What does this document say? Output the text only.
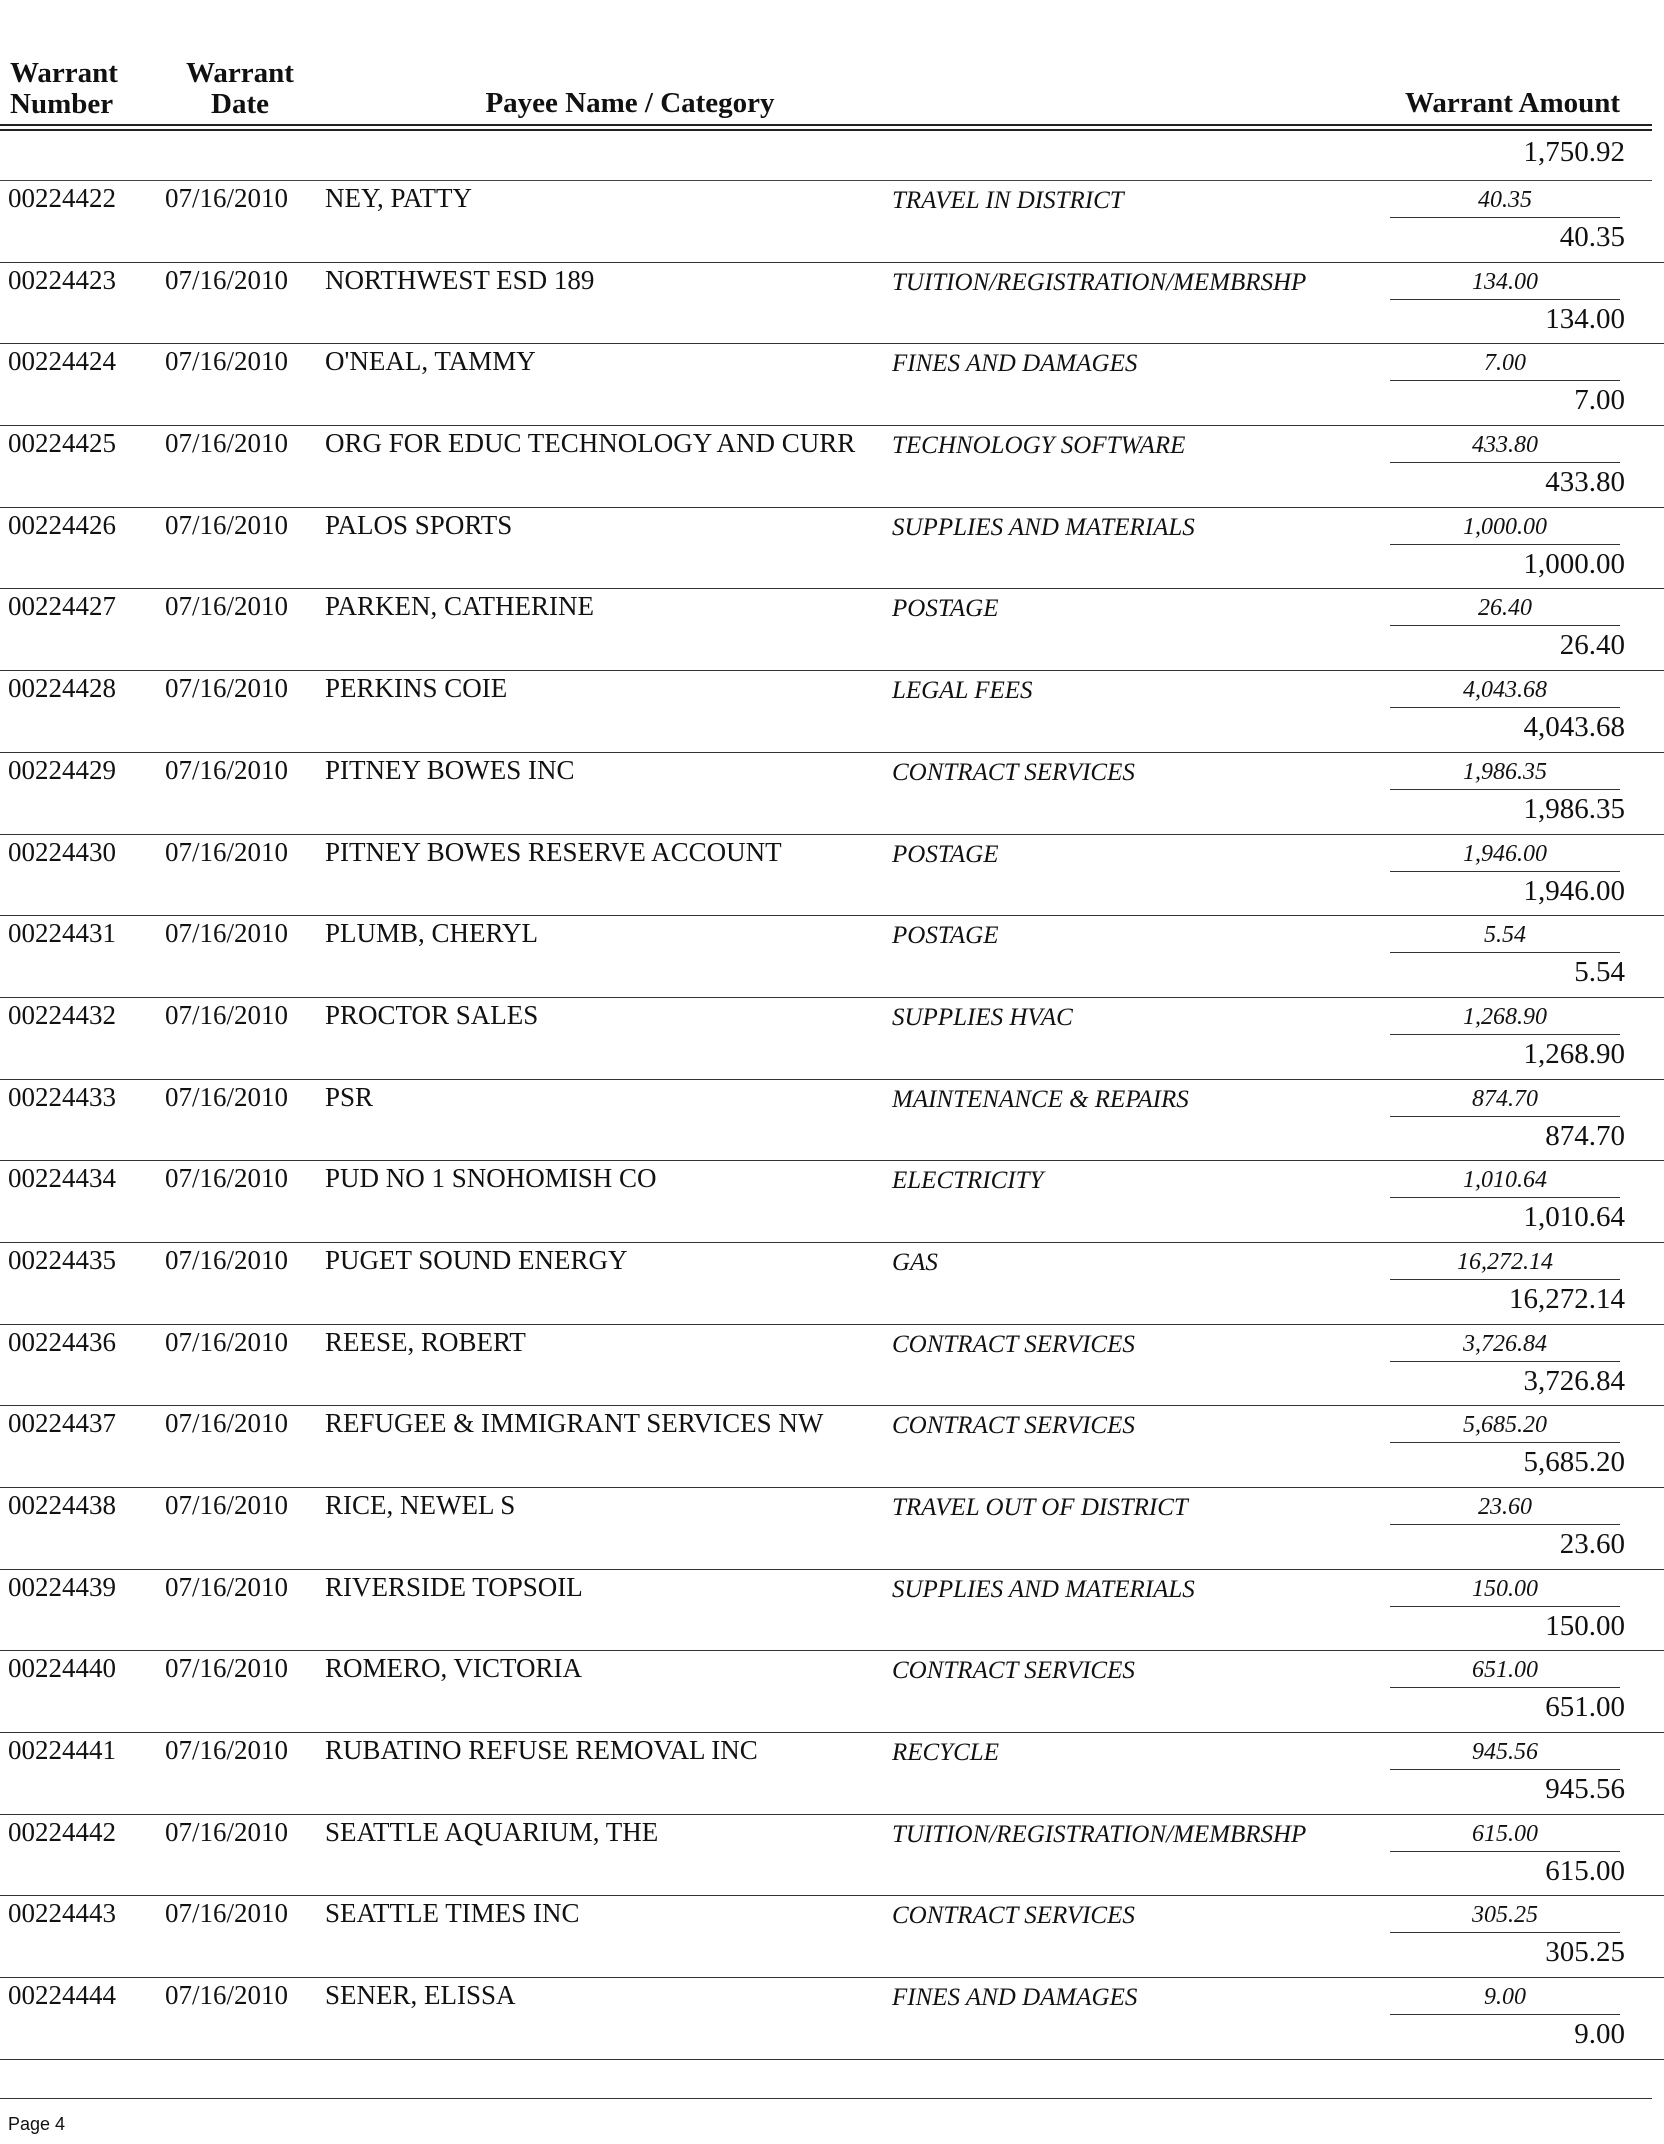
Warrant
Number
Warrant
Date	Payee Name / Category	Warrant Amount
1,750.92
00224422 07/16/2010 NEY, PATTY	TRAVEL IN DISTRICT	40.35
40.35
00224423 07/16/2010 NORTHWEST ESD 189	TUITION/REGISTRATION/MEMBRSHP	134.00
134.00
00224424 07/16/2010 O'NEAL, TAMMY	FINES AND DAMAGES	7.00
7.00
00224425 07/16/2010 ORG FOR EDUC TECHNOLOGY AND CURR	TECHNOLOGY SOFTWARE	433.80
433.80
00224426 07/16/2010 PALOS SPORTS	SUPPLIES AND MATERIALS	1,000.00
1,000.00
00224427 07/16/2010 PARKEN, CATHERINE	POSTAGE	26.40
26.40
00224428 07/16/2010 PERKINS COIE	LEGAL FEES	4,043.68
4,043.68
00224429 07/16/2010 PITNEY BOWES INC	CONTRACT SERVICES	1,986.35
1,986.35
00224430 07/16/2010 PITNEY BOWES RESERVE ACCOUNT	POSTAGE	1,946.00
1,946.00
00224431 07/16/2010 PLUMB, CHERYL	POSTAGE	5.54
5.54
00224432 07/16/2010 PROCTOR SALES	SUPPLIES HVAC	1,268.90
1,268.90
00224433 07/16/2010 PSR	MAINTENANCE & REPAIRS	874.70
874.70
00224434 07/16/2010 PUD NO 1 SNOHOMISH CO	ELECTRICITY	1,010.64
1,010.64
00224435 07/16/2010 PUGET SOUND ENERGY	GAS	16,272.14
16,272.14
00224436 07/16/2010 REESE, ROBERT	CONTRACT SERVICES	3,726.84
3,726.84
00224437 07/16/2010 REFUGEE & IMMIGRANT SERVICES NW	CONTRACT SERVICES	5,685.20
5,685.20
00224438 07/16/2010 RICE, NEWEL S	TRAVEL OUT OF DISTRICT	23.60
23.60
00224439 07/16/2010 RIVERSIDE TOPSOIL	SUPPLIES AND MATERIALS	150.00
150.00
00224440 07/16/2010 ROMERO, VICTORIA	CONTRACT SERVICES	651.00
651.00
00224441 07/16/2010 RUBATINO REFUSE REMOVAL INC	RECYCLE	945.56
945.56
00224442 07/16/2010 SEATTLE AQUARIUM, THE	TUITION/REGISTRATION/MEMBRSHP	615.00
615.00
00224443 07/16/2010 SEATTLE TIMES INC	CONTRACT SERVICES	305.25
305.25
00224444 07/16/2010 SENER, ELISSA	FINES AND DAMAGES	9.00
9.00
Page 4
